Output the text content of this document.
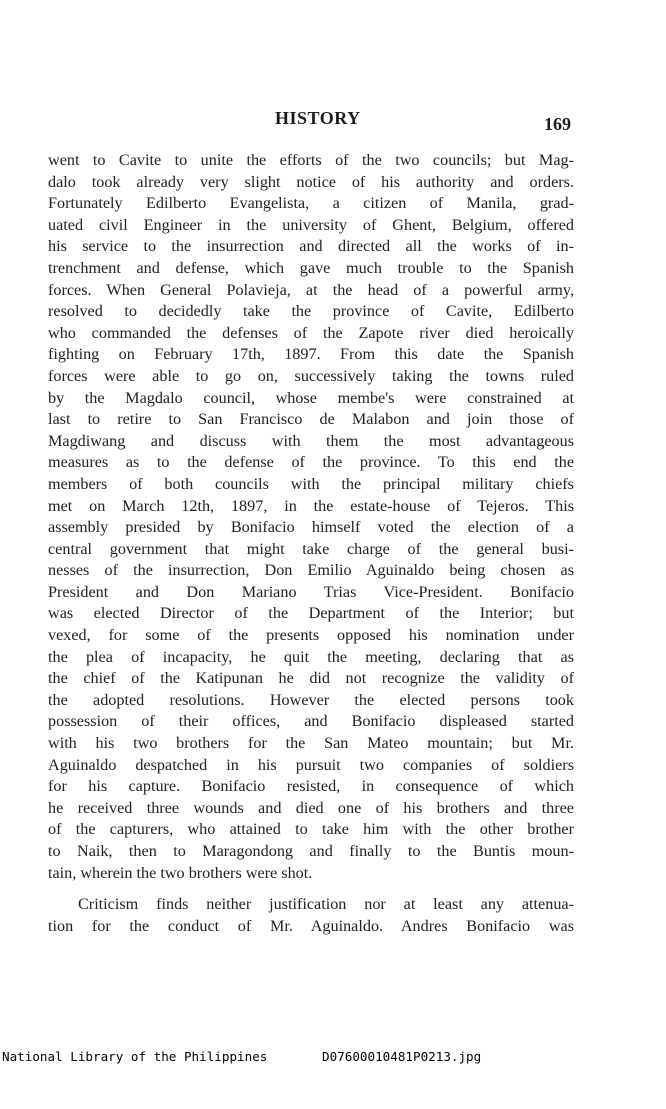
HISTORY	169
went to Cavite to unite the efforts of the two councils; but Mag-
dalo took already very slight notice of his authority and orders.
Fortunately Edilberto Evangelista, a citizen of Manila, grad-
uated civil Engineer in the university of Ghent, Belgium, offered
his service to the insurrection and directed all the works of in-
trenchment and defense, which gave much trouble to the Spanish
forces. When General Polavieja, at the head of a powerful army,
resolved to decidedly take the province of Cavite, Edilberto
who commanded the defenses of the Zapote river died heroically
fighting on February 17th, 1897. From this date the Spanish
forces were able to go on, successively taking the towns ruled
by the Magdalo council, whose membe's were constrained at
last to retire to San Francisco de Malabon and join those of
Magdiwang and discuss with them the most advantageous
measures as to the defense of the province. To this end the
members of both councils with the principal military chiefs
met on March 12th, 1897, in the estate-house of Tejeros. This
assembly presided by Bonifacio himself voted the election of a
central government that might take charge of the general busi-
nesses of the insurrection, Don Emilio Aguinaldo being chosen as
President and Don Mariano Trias Vice-President. Bonifacio
was elected Director of the Department of the Interior; but
vexed, for some of the presents opposed his nomination under
the plea of incapacity, he quit the meeting, declaring that as
the chief of the Katipunan he did not recognize the validity of
the adopted resolutions. However the elected persons took
possession of their offices, and Bonifacio displeased started
with his two brothers for the San Mateo mountain; but Mr.
Aguinaldo despatched in his pursuit two companies of soldiers
for his capture. Bonifacio resisted, in consequence of which
he received three wounds and died one of his brothers and three
of the capturers, who attained to take him with the other brother
to Naik, then to Maragondong and finally to the Buntis moun-
tain, wherein the two brothers were shot.
Criticism finds neither justification nor at least any attenua-
tion for the conduct of Mr. Aguinaldo. Andres Bonifacio was

National Library of the Philippines

	D07600010481P0213.jpg
